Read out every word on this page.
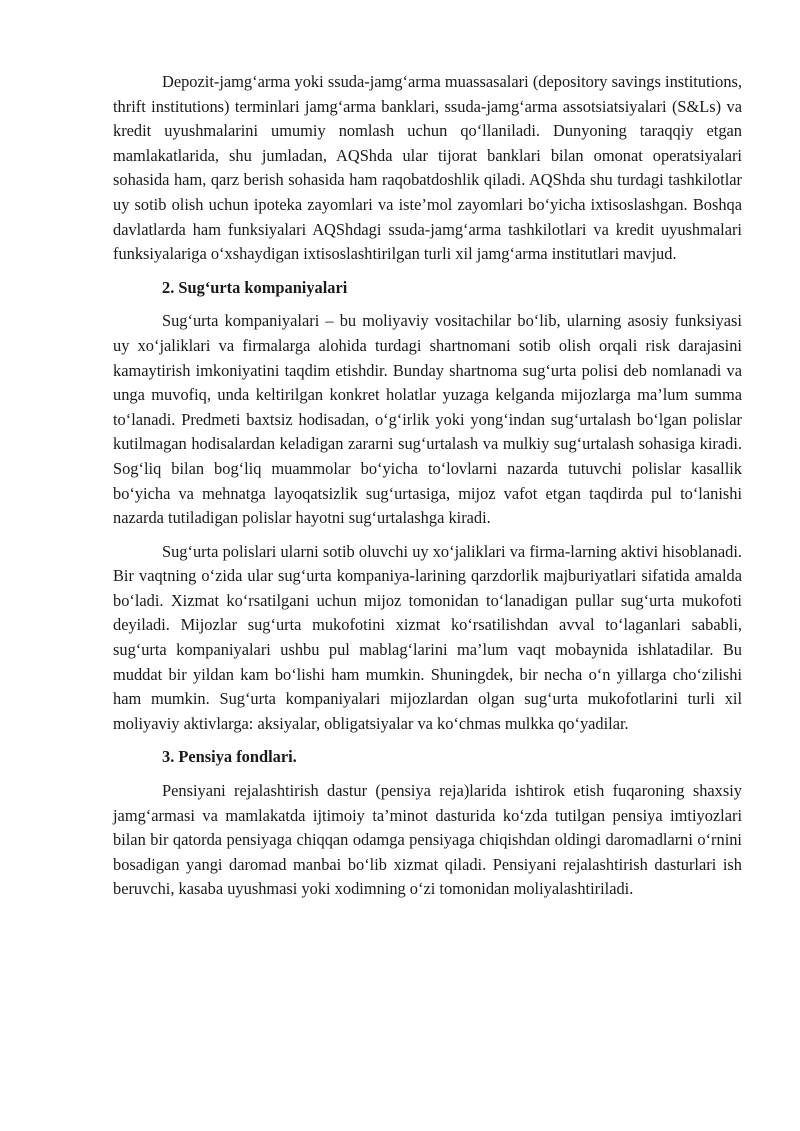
Depozit-jamg‘arma yoki ssuda-jamg‘arma muassasalari (depository savings institutions, thrift institutions) terminlari jamg‘arma banklari, ssuda-jamg‘arma assotsiatsiyalari (S&Ls) va kredit uyushmalarini umumiy nomlash uchun qo‘llaniladi. Dunyoning taraqqiy etgan mamlakatlarida, shu jumladan, AQShda ular tijorat banklari bilan omonat operatsiyalari sohasida ham, qarz berish sohasida ham raqobatdoshlik qiladi. AQShda shu turdagi tashkilotlar uy sotib olish uchun ipoteka zayomlari va iste’mol zayomlari bo‘yicha ixtisoslashgan. Boshqa davlatlarda ham funksiyalari AQShdagi ssuda-jamg‘arma tashkilotlari va kredit uyushmalari funksiyalariga o‘xshaydigan ixtisoslashtirilgan turli xil jamg‘arma institutlari mavjud.

2. Sug‘urta kompaniyalari

Sug‘urta kompaniyalari – bu moliyaviy vositachilar bo‘lib, ularning asosiy funksiyasi uy xo‘jaliklari va firmalarga alohida turdagi shartnomani sotib olish orqali risk darajasini kamaytirish imkoniyatini taqdim etishdir. Bunday shartnoma sug‘urta polisi deb nomlanadi va unga muvofiq, unda keltirilgan konkret holatlar yuzaga kelganda mijozlarga ma’lum summa to‘lanadi. Predmeti baxtsiz hodisadan, o‘g‘irlik yoki yong‘indan sug‘urtalash bo‘lgan polislar kutilmagan hodisalardan keladigan zararni sug‘urtalash va mulkiy sug‘urtalash sohasiga kiradi. Sog‘liq bilan bog‘liq muammolar bo‘yicha to‘lovlarni nazarda tutuvchi polislar kasallik bo‘yicha va mehnatga layoqatsizlik sug‘urtasiga, mijoz vafot etgan taqdirda pul to‘lanishi nazarda tutiladigan polislar hayotni sug‘urtalashga kiradi.

Sug‘urta polislari ularni sotib oluvchi uy xo‘jaliklari va firma-larning aktivi hisoblanadi. Bir vaqtning o‘zida ular sug‘urta kompaniya-larining qarzdorlik majburiyatlari sifatida amalda bo‘ladi. Xizmat ko‘rsatilgani uchun mijoz tomonidan to‘lanadigan pullar sug‘urta mukofoti deyiladi. Mijozlar sug‘urta mukofotini xizmat ko‘rsatilishdan avval to‘laganlari sababli, sug‘urta kompaniyalari ushbu pul mablag‘larini ma’lum vaqt mobaynida ishlatadilar. Bu muddat bir yildan kam bo‘lishi ham mumkin. Shuningdek, bir necha o‘n yillarga cho‘zilishi ham mumkin. Sug‘urta kompaniyalari mijozlardan olgan sug‘urta mukofotlarini turli xil moliyaviy aktivlarga: aksiyalar, obligatsiyalar va ko‘chmas mulkka qo‘yadilar.

3. Pensiya fondlari.

Pensiyani rejalashtirish dastur (pensiya reja)larida ishtirok etish fuqaroning shaxsiy jamg‘armasi va mamlakatda ijtimoiy ta’minot dasturida ko‘zda tutilgan pensiya imtiyozlari bilan bir qatorda pensiyaga chiqqan odamga pensiyaga chiqishdan oldingi daromadlarni o‘rnini bosadigan yangi daromad manbai bo‘lib xizmat qiladi. Pensiyani rejalashtirish dasturlari ish beruvchi, kasaba uyushmasi yoki xodimning o‘zi tomonidan moliyalashtiriladi.
